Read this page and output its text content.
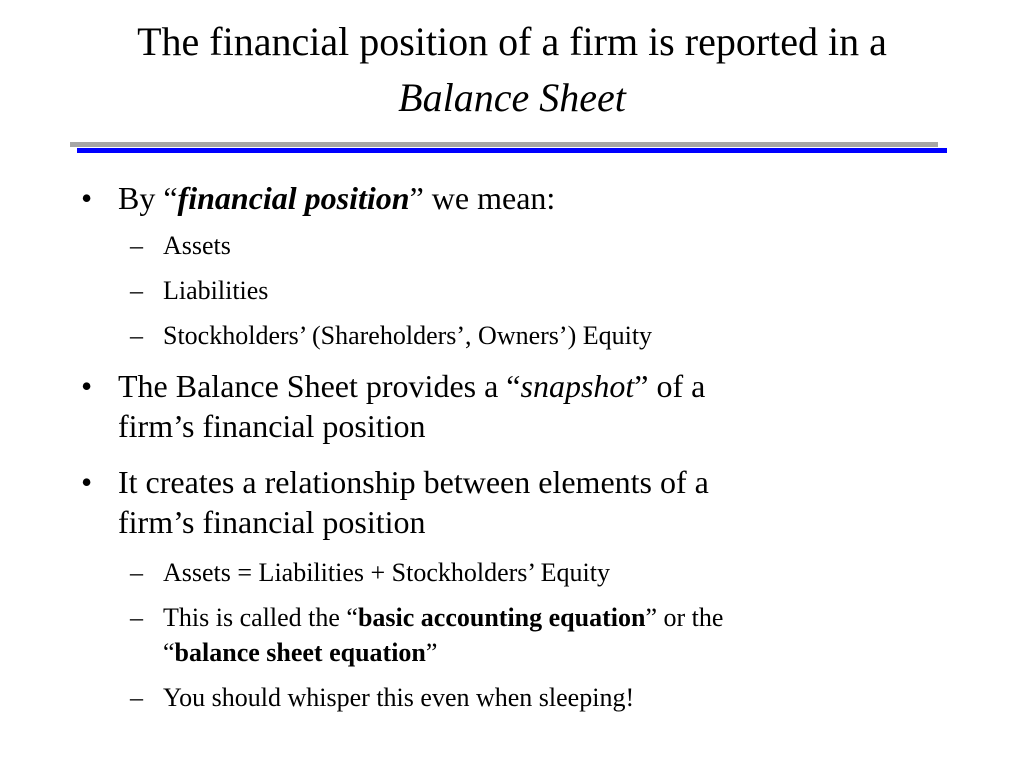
The financial position of a firm is reported in a
Balance Sheet
• By “financial position” we mean:
– Assets
– Liabilities
– Stockholders’ (Shareholders’, Owners’) Equity
• The Balance Sheet provides a “snapshot” of a
firm’s financial position
• It creates a relationship between elements of a
firm’s financial position
– Assets = Liabilities + Stockholders’ Equity
– This is called the “basic accounting equation” or the
“balance sheet equation”
– You should whisper this even when sleeping!
